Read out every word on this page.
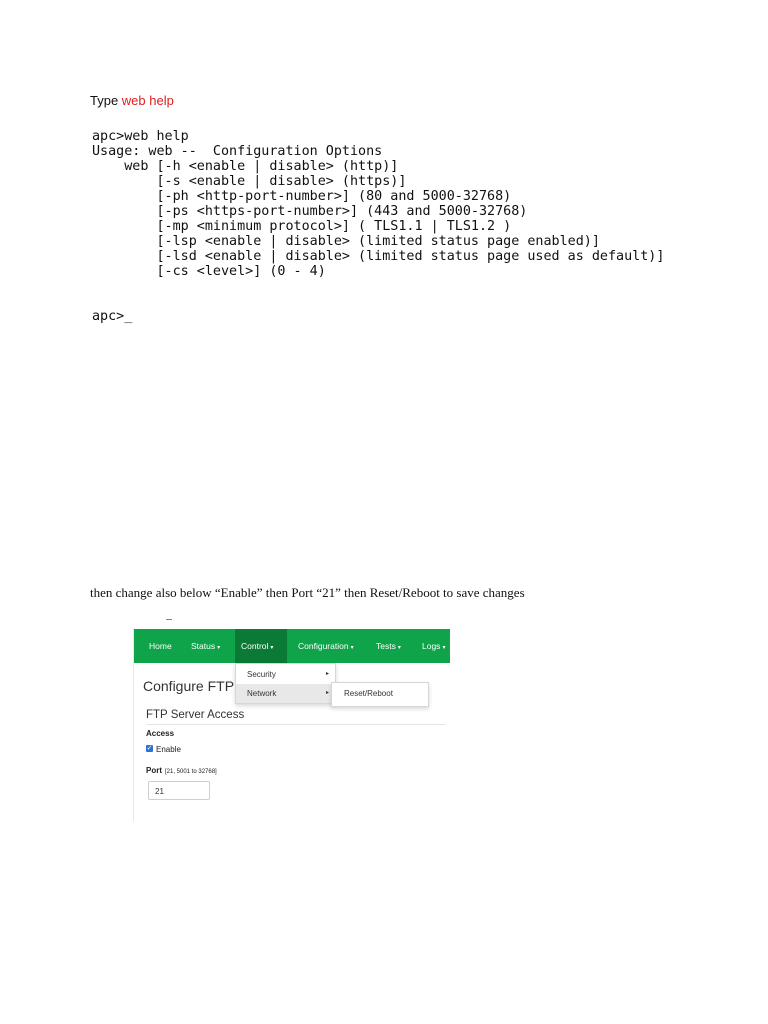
Type web help
apc>web help
Usage: web --  Configuration Options
web [-h <enable | disable> (http)]
[-s <enable | disable> (https)]
[-ph <http-port-number>] (80 and 5000-32768)
[-ps <https-port-number>] (443 and 5000-32768)
[-mp <minimum protocol>] ( TLS1.1 | TLS1.2 )
[-lsp <enable | disable> (limited status page enabled)]
[-lsd <enable | disable> (limited status page used as default)]
[-cs <level>] (0 - 4)
apc>_
then change also below “Enable” then Port “21” then Reset/Reboot to save changes
Home	Status ▾	Control ▾	Configuration ▾	Tests ▾	Logs ▾
Configure FTP
FTP Server Access
Access
✓ Enable
Port [21, 5001 to 32768]
21
Security	▸
Network	▸ Reset/Reboot
